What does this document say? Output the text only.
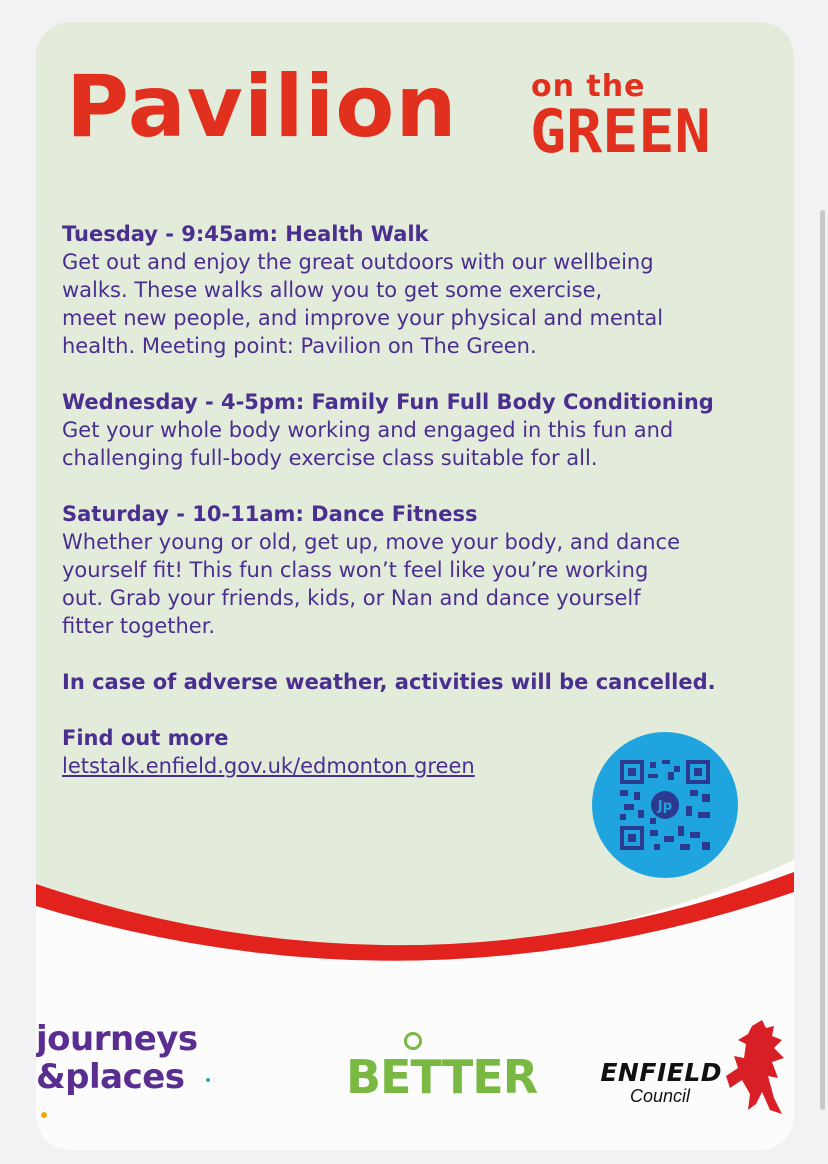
Pavilion on the
GREEN
Tuesday - 9:45am: Health Walk
Get out and enjoy the great outdoors with our wellbeing
walks. These walks allow you to get some exercise,
meet new people, and improve your physical and mental
health. Meeting point: Pavilion on The Green.
Wednesday - 4-5pm: Family Fun Full Body Conditioning
Get your whole body working and engaged in this fun and
challenging full-body exercise class suitable for all.
Saturday - 10-11am: Dance Fitness
Whether young or old, get up, move your body, and dance
yourself fit! This fun class won’t feel like you’re working
out. Grab your friends, kids, or Nan and dance yourself
fitter together.
In case of adverse weather, activities will be cancelled.
Find out more
letstalk.enfield.gov.uk/edmonton green
Jp
journeys
&places	BETTER	ENFIELD
Council
